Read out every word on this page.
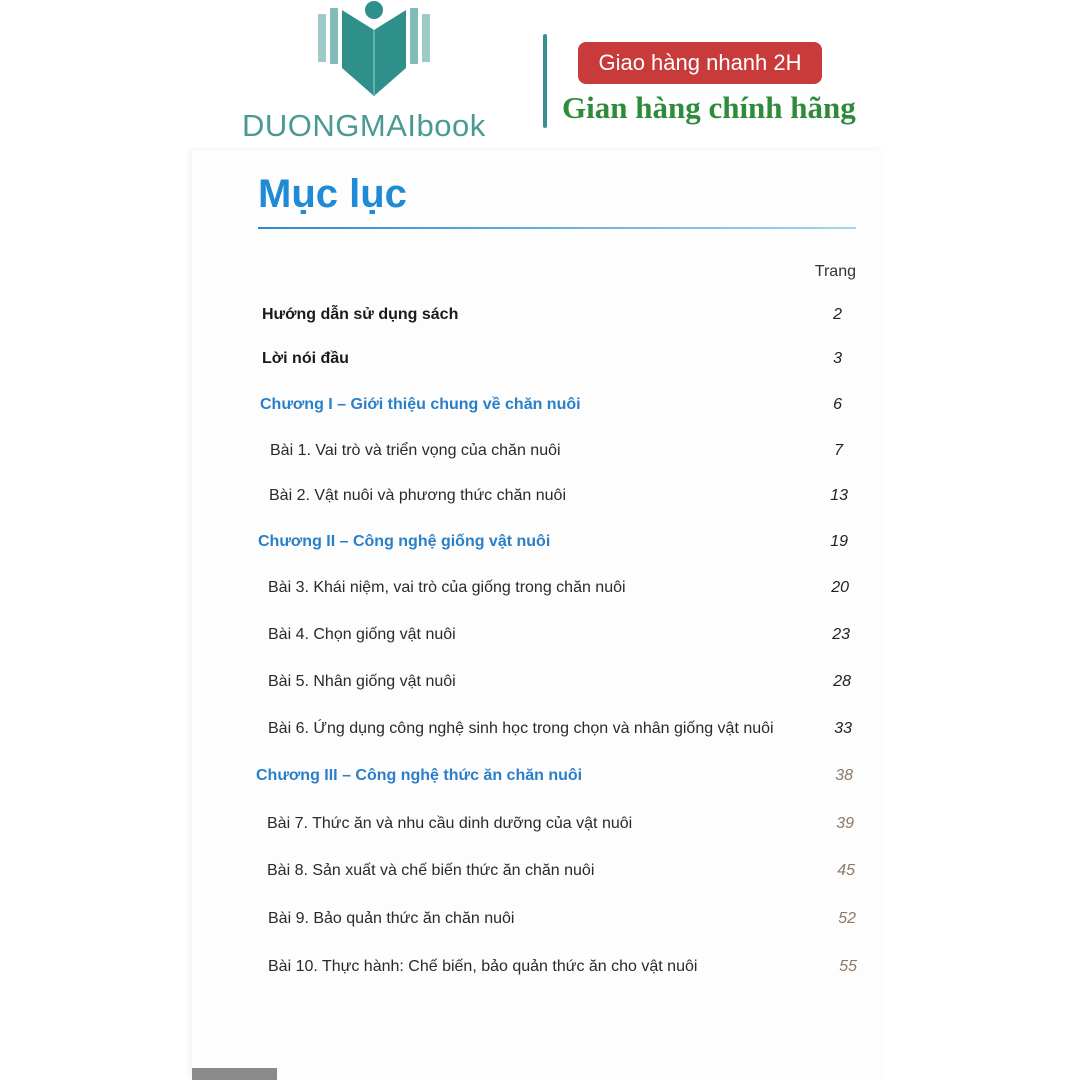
DUONGMAIbook
Giao hàng nhanh 2H
Gian hàng chính hãng
Mục lục
Trang
Hướng dẫn sử dụng sách	2
Lời nói đầu	3
Chương I – Giới thiệu chung về chăn nuôi	6
Bài 1. Vai trò và triển vọng của chăn nuôi	7
Bài 2. Vật nuôi và phương thức chăn nuôi	13
Chương II – Công nghệ giống vật nuôi	19
Bài 3. Khái niệm, vai trò của giống trong chăn nuôi	20
Bài 4. Chọn giống vật nuôi	23
Bài 5. Nhân giống vật nuôi	28
Bài 6. Ứng dụng công nghệ sinh học trong chọn và nhân giống vật nuôi	33
Chương III – Công nghệ thức ăn chăn nuôi	38
Bài 7. Thức ăn và nhu cầu dinh dưỡng của vật nuôi	39
Bài 8. Sản xuất và chế biến thức ăn chăn nuôi	45
Bài 9. Bảo quản thức ăn chăn nuôi	52
Bài 10. Thực hành: Chế biến, bảo quản thức ăn cho vật nuôi	55
